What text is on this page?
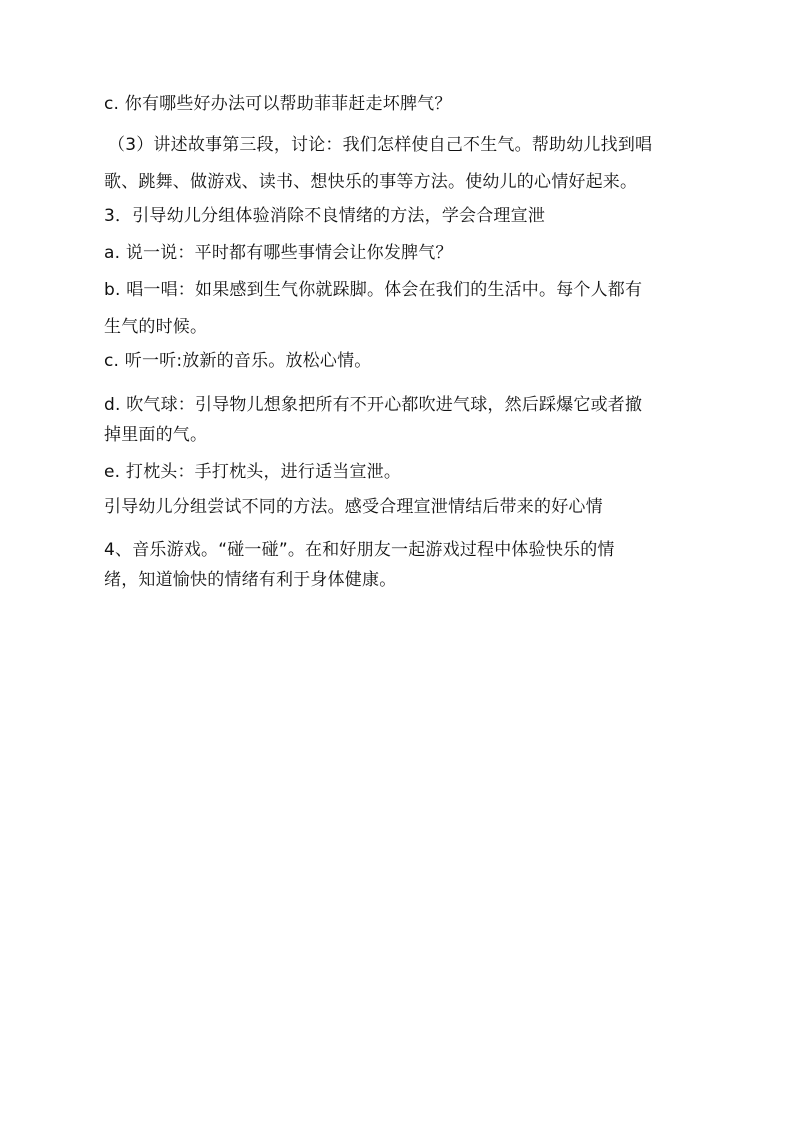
c. 你有哪些好办法可以帮助菲菲赶走坏脾气？
（3）讲述故事第三段，讨论：我们怎样使自己不生气。帮助幼儿找到唱
歌、跳舞、做游戏、读书、想快乐的事等方法。使幼儿的心情好起来。
3．引导幼儿分组体验消除不良情绪的方法，学会合理宣泄
a. 说一说：平时都有哪些事情会让你发脾气？
b. 唱一唱：如果感到生气你就跺脚。体会在我们的生活中。每个人都有
生气的时候。
c. 听一听:放新的音乐。放松心情。
d. 吹气球：引导物儿想象把所有不开心都吹进气球，然后踩爆它或者撤
掉里面的气。
e. 打枕头：手打枕头，进行适当宣泄。
引导幼儿分组尝试不同的方法。感受合理宣泄情结后带来的好心情
4、音乐游戏。“碰一碰”。在和好朋友一起游戏过程中体验快乐的情
绪，知道愉快的情绪有利于身体健康。
